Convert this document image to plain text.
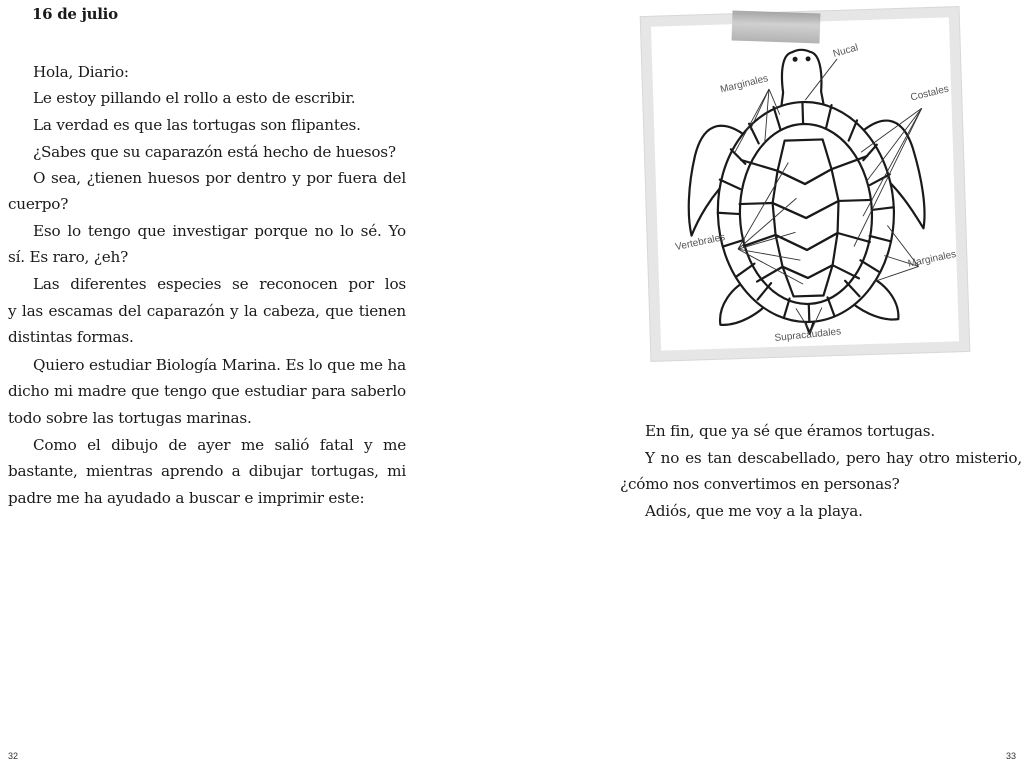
16 de julio
Hola, Diario:
Le estoy pillando el rollo a esto de escribir.
La verdad es que las tortugas son flipantes.
¿Sabes que su caparazón está hecho de huesos?
O sea, ¿tienen huesos por dentro y por fuera del
cuerpo?
Eso lo tengo que investigar porque no lo sé. Yo
sí. Es raro, ¿eh?
Las diferentes especies se reconocen por los
y las escamas del caparazón y la cabeza, que tienen
distintas formas.
Quiero estudiar Biología Marina. Es lo que me ha
dicho mi madre que tengo que estudiar para saberlo
todo sobre las tortugas marinas.
Como el dibujo de ayer me salió fatal y me
bastante, mientras aprendo a dibujar tortugas, mi
padre me ha ayudado a buscar e imprimir este:
32
Nucal
Marginales	Costales
Vertebrales
Marginales
Supracaudales
En fin, que ya sé que éramos tortugas.
Y no es tan descabellado, pero hay otro misterio,
¿cómo nos convertimos en personas?
Adiós, que me voy a la playa.
33
